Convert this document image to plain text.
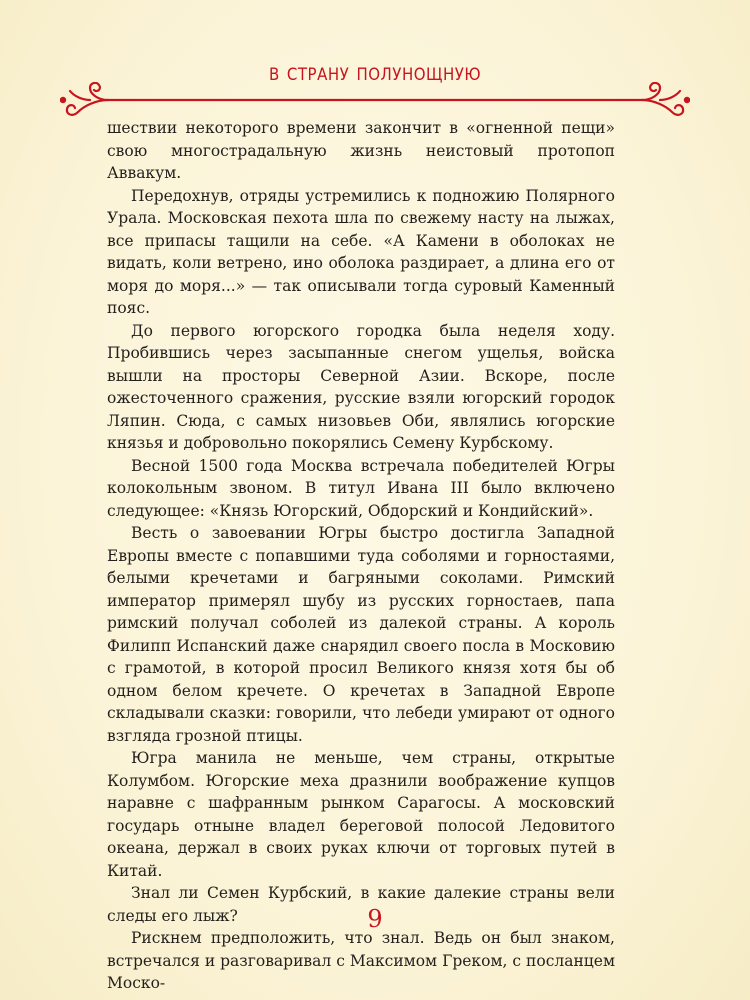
в страну полунощную

шествии некоторого времени закончит в «огненной пещи» свою многострадальную жизнь неистовый протопоп Аввакум.

Передохнув, отряды устремились к подножию Полярного Урала. Московская пехота шла по свежему насту на лыжах, все припасы тащили на себе. «А Камени в оболоках не видать, коли ветрено, ино оболока раздирает, а длина его от моря до моря...» — так описывали тогда суровый Каменный пояс.

До первого югорского городка была неделя ходу. Пробившись через засыпанные снегом ущелья, войска вышли на просторы Северной Азии. Вскоре, после ожесточенного сражения, русские взяли югорский городок Ляпин. Сюда, с самых низовьев Оби, являлись югорские князья и добровольно покорялись Семену Курбскому.

Весной 1500 года Москва встречала победителей Югры колокольным звоном. В титул Ивана III было включено следующее: «Князь Югорский, Обдорский и Кондийский».

Весть о завоевании Югры быстро достигла Западной Европы вместе с попавшими туда соболями и горностаями, белыми кречетами и багряными соколами. Римский император примерял шубу из русских горностаев, папа римский получал соболей из далекой страны. А король Филипп Испанский даже снарядил своего посла в Московию с грамотой, в которой просил Великого князя хотя бы об одном белом кречете. О кречетах в Западной Европе складывали сказки: говорили, что лебеди умирают от одного взгляда грозной птицы.

Югра манила не меньше, чем страны, открытые Колумбом. Югорские меха дразнили воображение купцов наравне с шафранным рынком Сарагосы. А московский государь отныне владел береговой полосой Ледовитого океана, держал в своих руках ключи от торговых путей в Китай.

Знал ли Семен Курбский, в какие далекие страны вели следы его лыж?

Рискнем предположить, что знал. Ведь он был знаком, встречался и разговаривал с Максимом Греком, с посланцем Моско-

9
